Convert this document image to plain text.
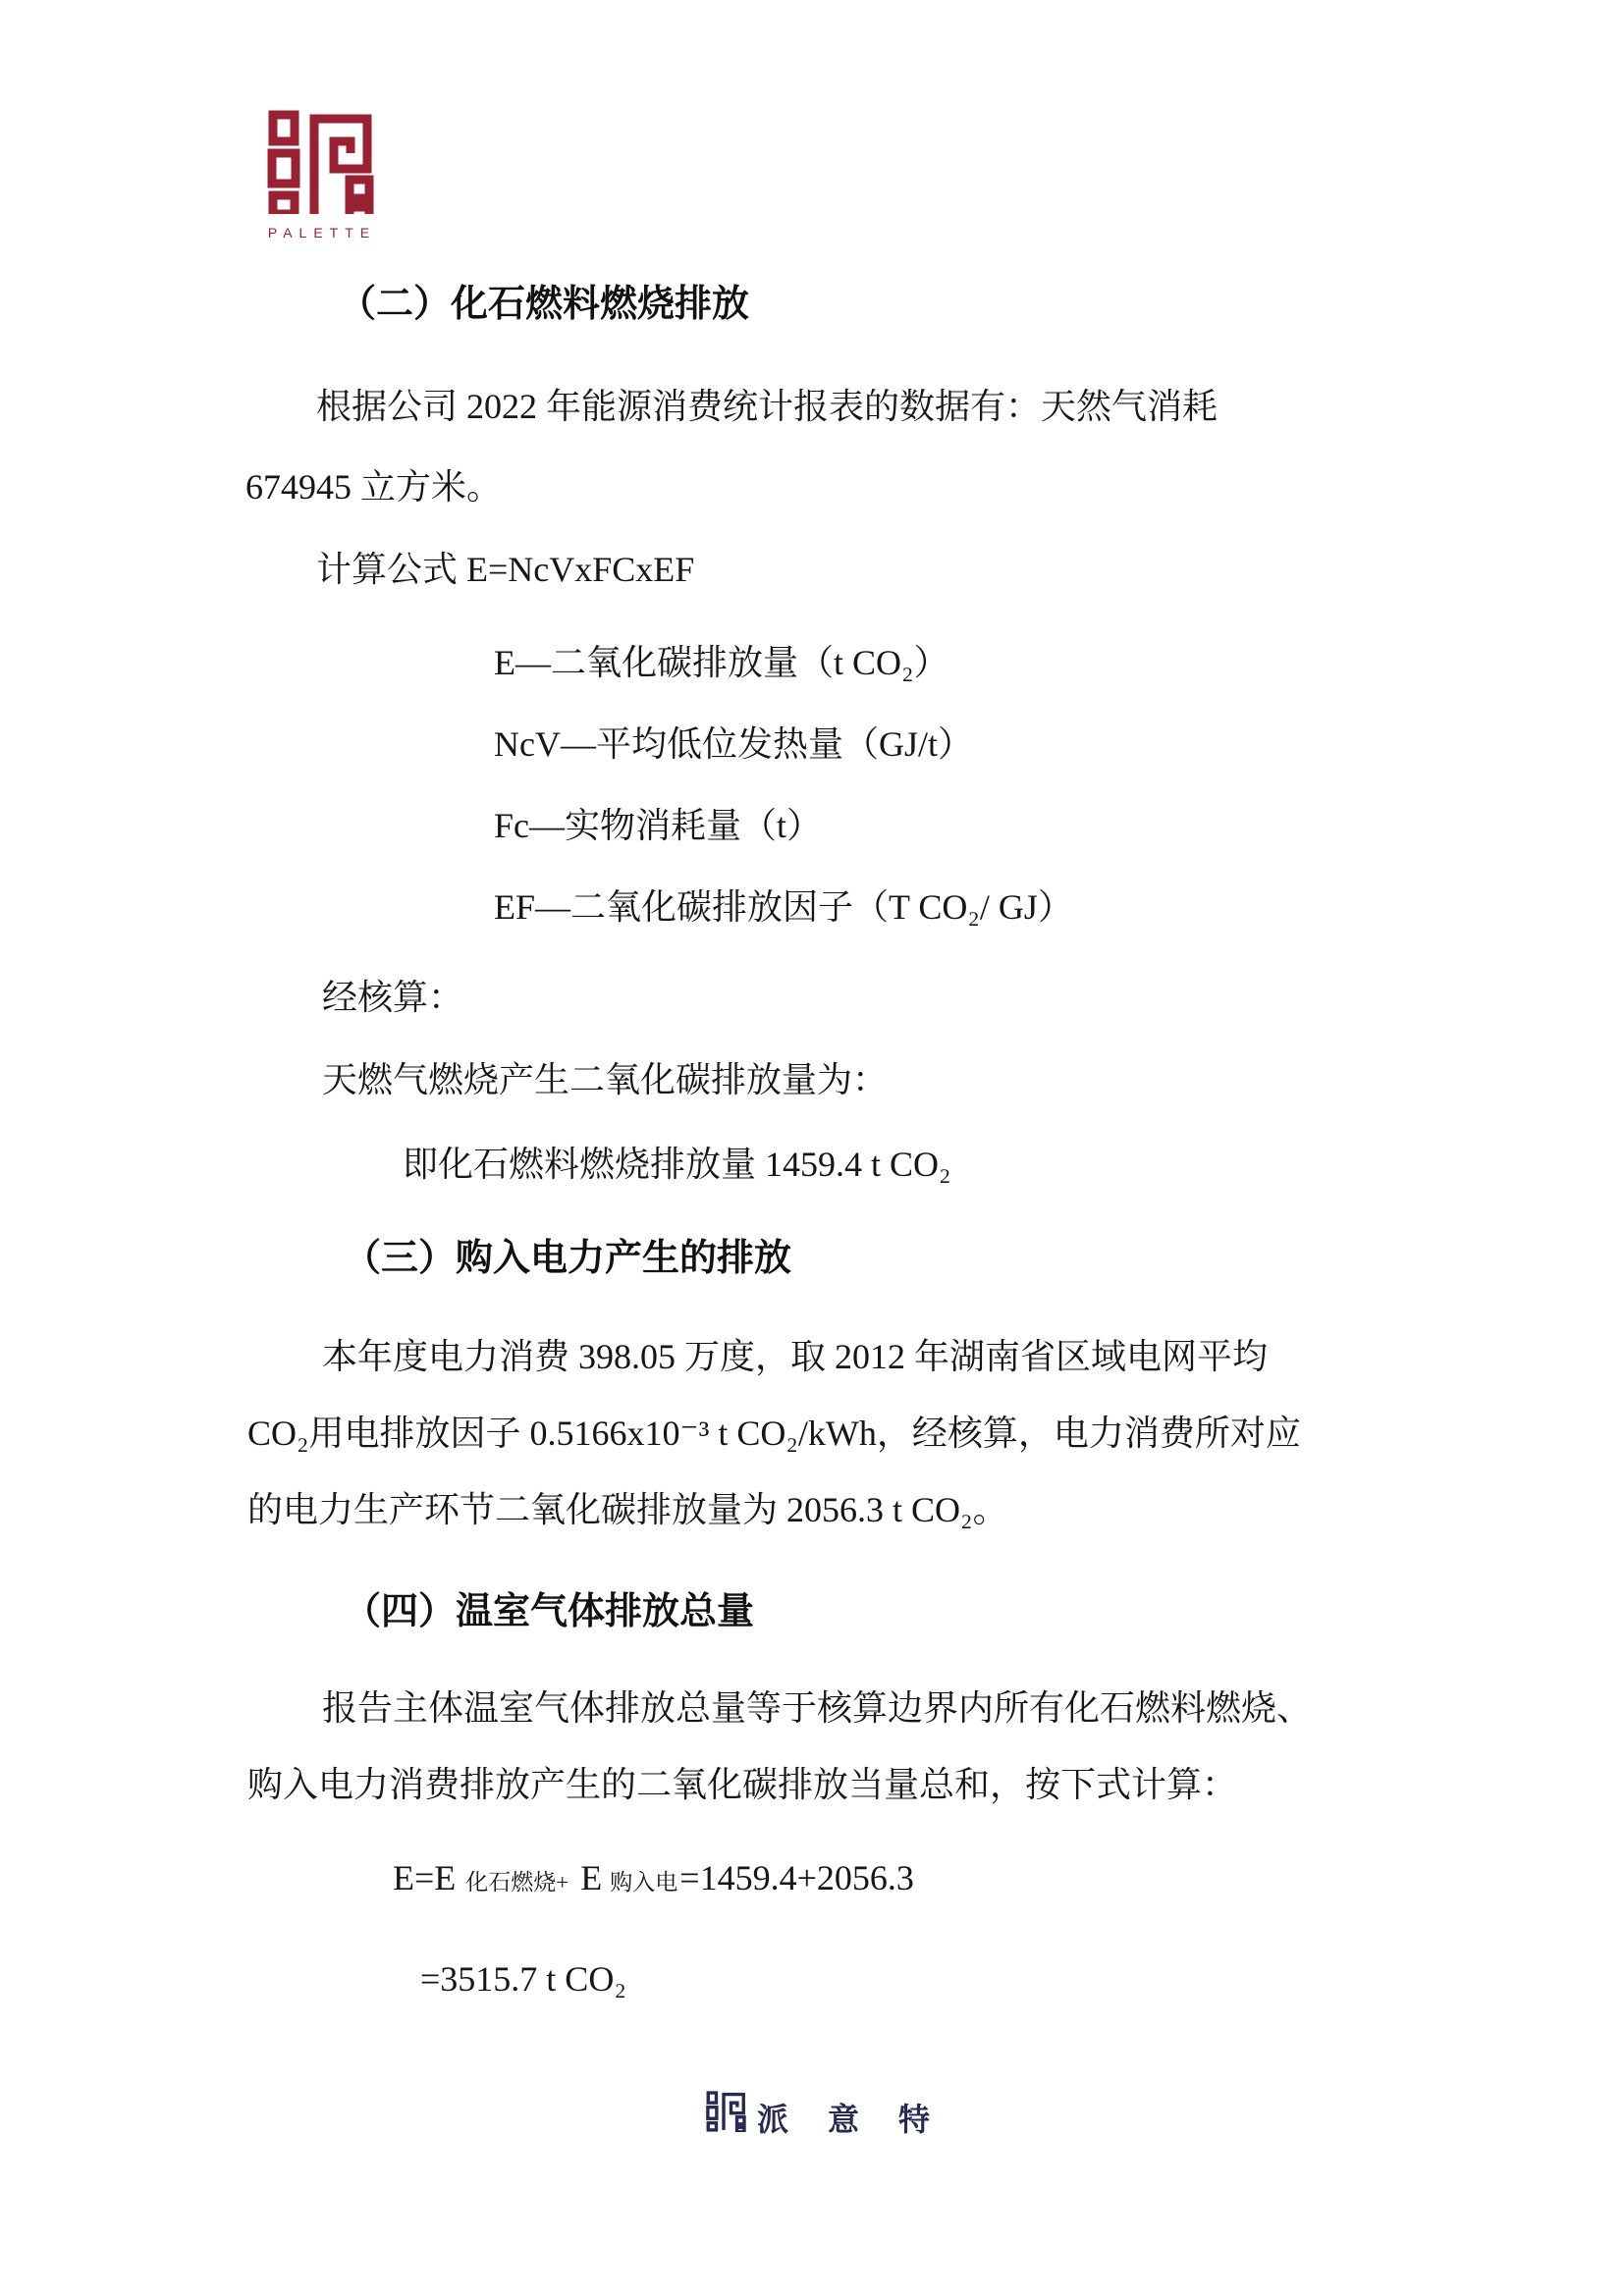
PALETTE
（二）化石燃料燃烧排放
根据公司 2022 年能源消费统计报表的数据有：天然气消耗
674945 立方米。
计算公式 E=NcVxFCxEF
E—二氧化碳排放量（t CO₂）
NcV—平均低位发热量（GJ/t）
Fc—实物消耗量（t）
EF—二氧化碳排放因子（T CO₂/ GJ）
经核算：
天燃气燃烧产生二氧化碳排放量为：
即化石燃料燃烧排放量 1459.4 t CO₂
（三）购入电力产生的排放
本年度电力消费 398.05 万度，取 2012 年湖南省区域电网平均
CO₂用电排放因子 0.5166x10⁻³ t CO₂/kWh，经核算，电力消费所对应
的电力生产环节二氧化碳排放量为 2056.3 t CO₂。
（四）温室气体排放总量
报告主体温室气体排放总量等于核算边界内所有化石燃料燃烧、
购入电力消费排放产生的二氧化碳排放当量总和，按下式计算：
E=E 化石燃烧+ E 购入电=1459.4+2056.3
=3515.7 t CO₂
派意特
